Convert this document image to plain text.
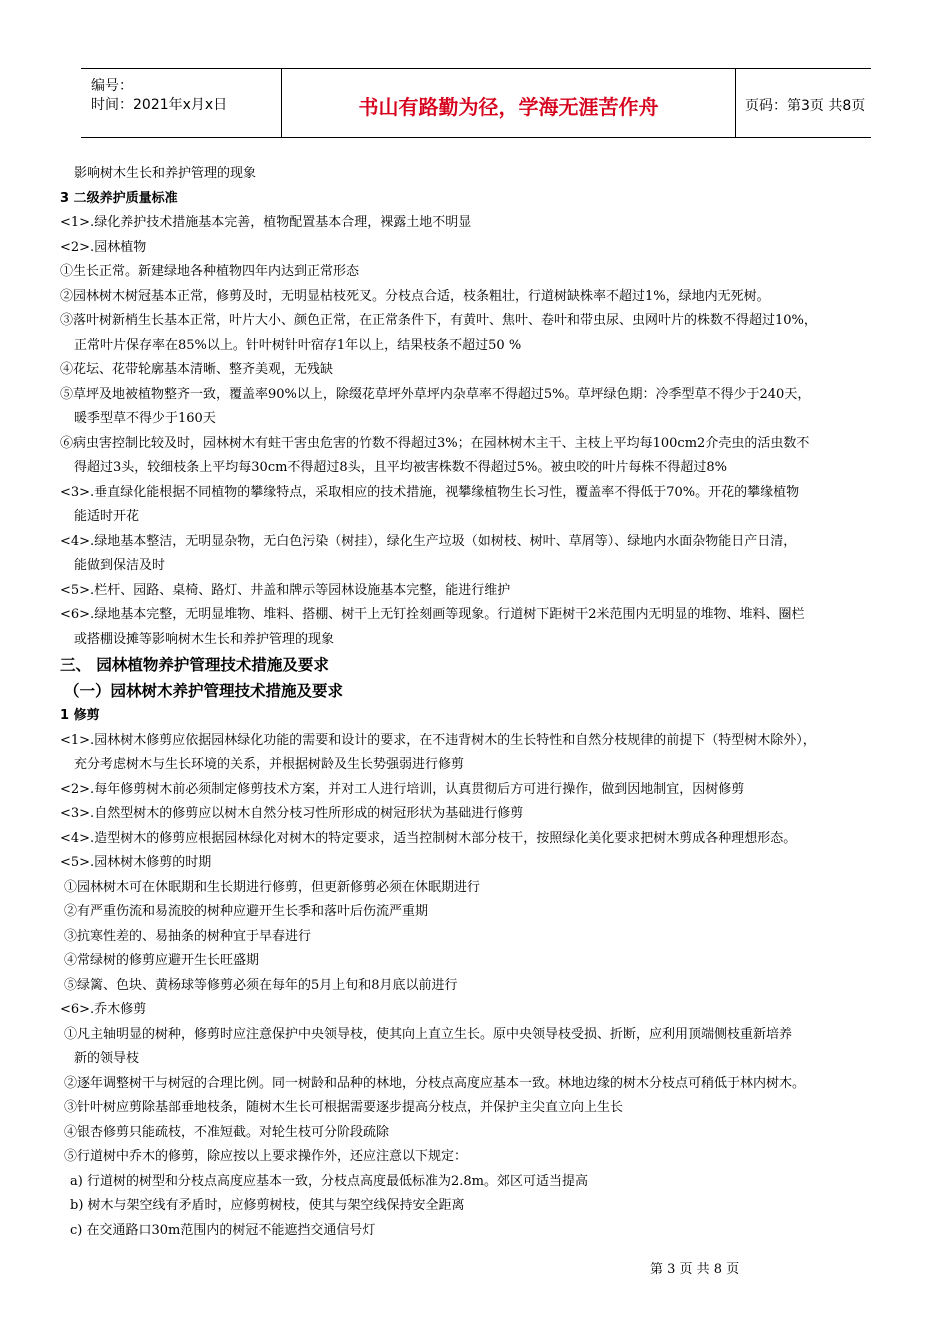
编号：
时间：2021年x月x日	书山有路勤为径，学海无涯苦作舟	页码：第3页 共8页
影响树木生长和养护管理的现象
3 二级养护质量标准
<1>.绿化养护技术措施基本完善，植物配置基本合理，裸露土地不明显
<2>.园林植物
①生长正常。新建绿地各种植物四年内达到正常形态
②园林树木树冠基本正常，修剪及时，无明显枯枝死叉。分枝点合适，枝条粗壮，行道树缺株率不超过1%，绿地内无死树。
③落叶树新梢生长基本正常，叶片大小、颜色正常，在正常条件下，有黄叶、焦叶、卷叶和带虫尿、虫网叶片的株数不得超过10%，
正常叶片保存率在85%以上。针叶树针叶宿存1年以上，结果枝条不超过50 %
④花坛、花带轮廓基本清晰、整齐美观，无残缺
⑤草坪及地被植物整齐一致，覆盖率90%以上，除缀花草坪外草坪内杂草率不得超过5%。草坪绿色期：冷季型草不得少于240天，
暖季型草不得少于160天
⑥病虫害控制比较及时，园林树木有蛀干害虫危害的竹数不得超过3%；在园林树木主干、主枝上平均每100cm2介壳虫的活虫数不
得超过3头，较细枝条上平均每30cm不得超过8头，且平均被害株数不得超过5%。被虫咬的叶片每株不得超过8%
<3>.垂直绿化能根据不同植物的攀缘特点，采取相应的技术措施，视攀缘植物生长习性，覆盖率不得低于70%。开花的攀缘植物
能适时开花
<4>.绿地基本整洁，无明显杂物，无白色污染（树挂），绿化生产垃圾（如树枝、树叶、草屑等）、绿地内水面杂物能日产日清，
能做到保洁及时
<5>.栏杆、园路、桌椅、路灯、井盖和牌示等园林设施基本完整，能进行维护
<6>.绿地基本完整，无明显堆物、堆料、搭棚、树干上无钉拴刻画等现象。行道树下距树干2米范围内无明显的堆物、堆料、圈栏
或搭棚设摊等影响树木生长和养护管理的现象
三、 园林植物养护管理技术措施及要求
（一）园林树木养护管理技术措施及要求
1 修剪
<1>.园林树木修剪应依据园林绿化功能的需要和设计的要求，在不违背树木的生长特性和自然分枝规律的前提下（特型树木除外），
充分考虑树木与生长环境的关系，并根据树龄及生长势强弱进行修剪
<2>.每年修剪树木前必须制定修剪技术方案，并对工人进行培训，认真贯彻后方可进行操作，做到因地制宜，因树修剪
<3>.自然型树木的修剪应以树木自然分枝习性所形成的树冠形状为基础进行修剪
<4>.造型树木的修剪应根据园林绿化对树木的特定要求，适当控制树木部分枝干，按照绿化美化要求把树木剪成各种理想形态。
<5>.园林树木修剪的时期
①园林树木可在休眠期和生长期进行修剪，但更新修剪必须在休眠期进行
②有严重伤流和易流胶的树种应避开生长季和落叶后伤流严重期
③抗寒性差的、易抽条的树种宜于早春进行
④常绿树的修剪应避开生长旺盛期
⑤绿篱、色块、黄杨球等修剪必须在每年的5月上旬和8月底以前进行
<6>.乔木修剪
①凡主轴明显的树种，修剪时应注意保护中央领导枝，使其向上直立生长。原中央领导枝受损、折断，应利用顶端侧枝重新培养
新的领导枝
②逐年调整树干与树冠的合理比例。同一树龄和品种的林地，分枝点高度应基本一致。林地边缘的树木分枝点可稍低于林内树木。
③针叶树应剪除基部垂地枝条，随树木生长可根据需要逐步提高分枝点，并保护主尖直立向上生长
④银杏修剪只能疏枝，不准短截。对轮生枝可分阶段疏除
⑤行道树中乔木的修剪，除应按以上要求操作外，还应注意以下规定：
a) 行道树的树型和分枝点高度应基本一致，分枝点高度最低标准为2.8m。郊区可适当提高
b) 树木与架空线有矛盾时，应修剪树枝，使其与架空线保持安全距离
c) 在交通路口30m范围内的树冠不能遮挡交通信号灯
第 3 页 共 8 页
